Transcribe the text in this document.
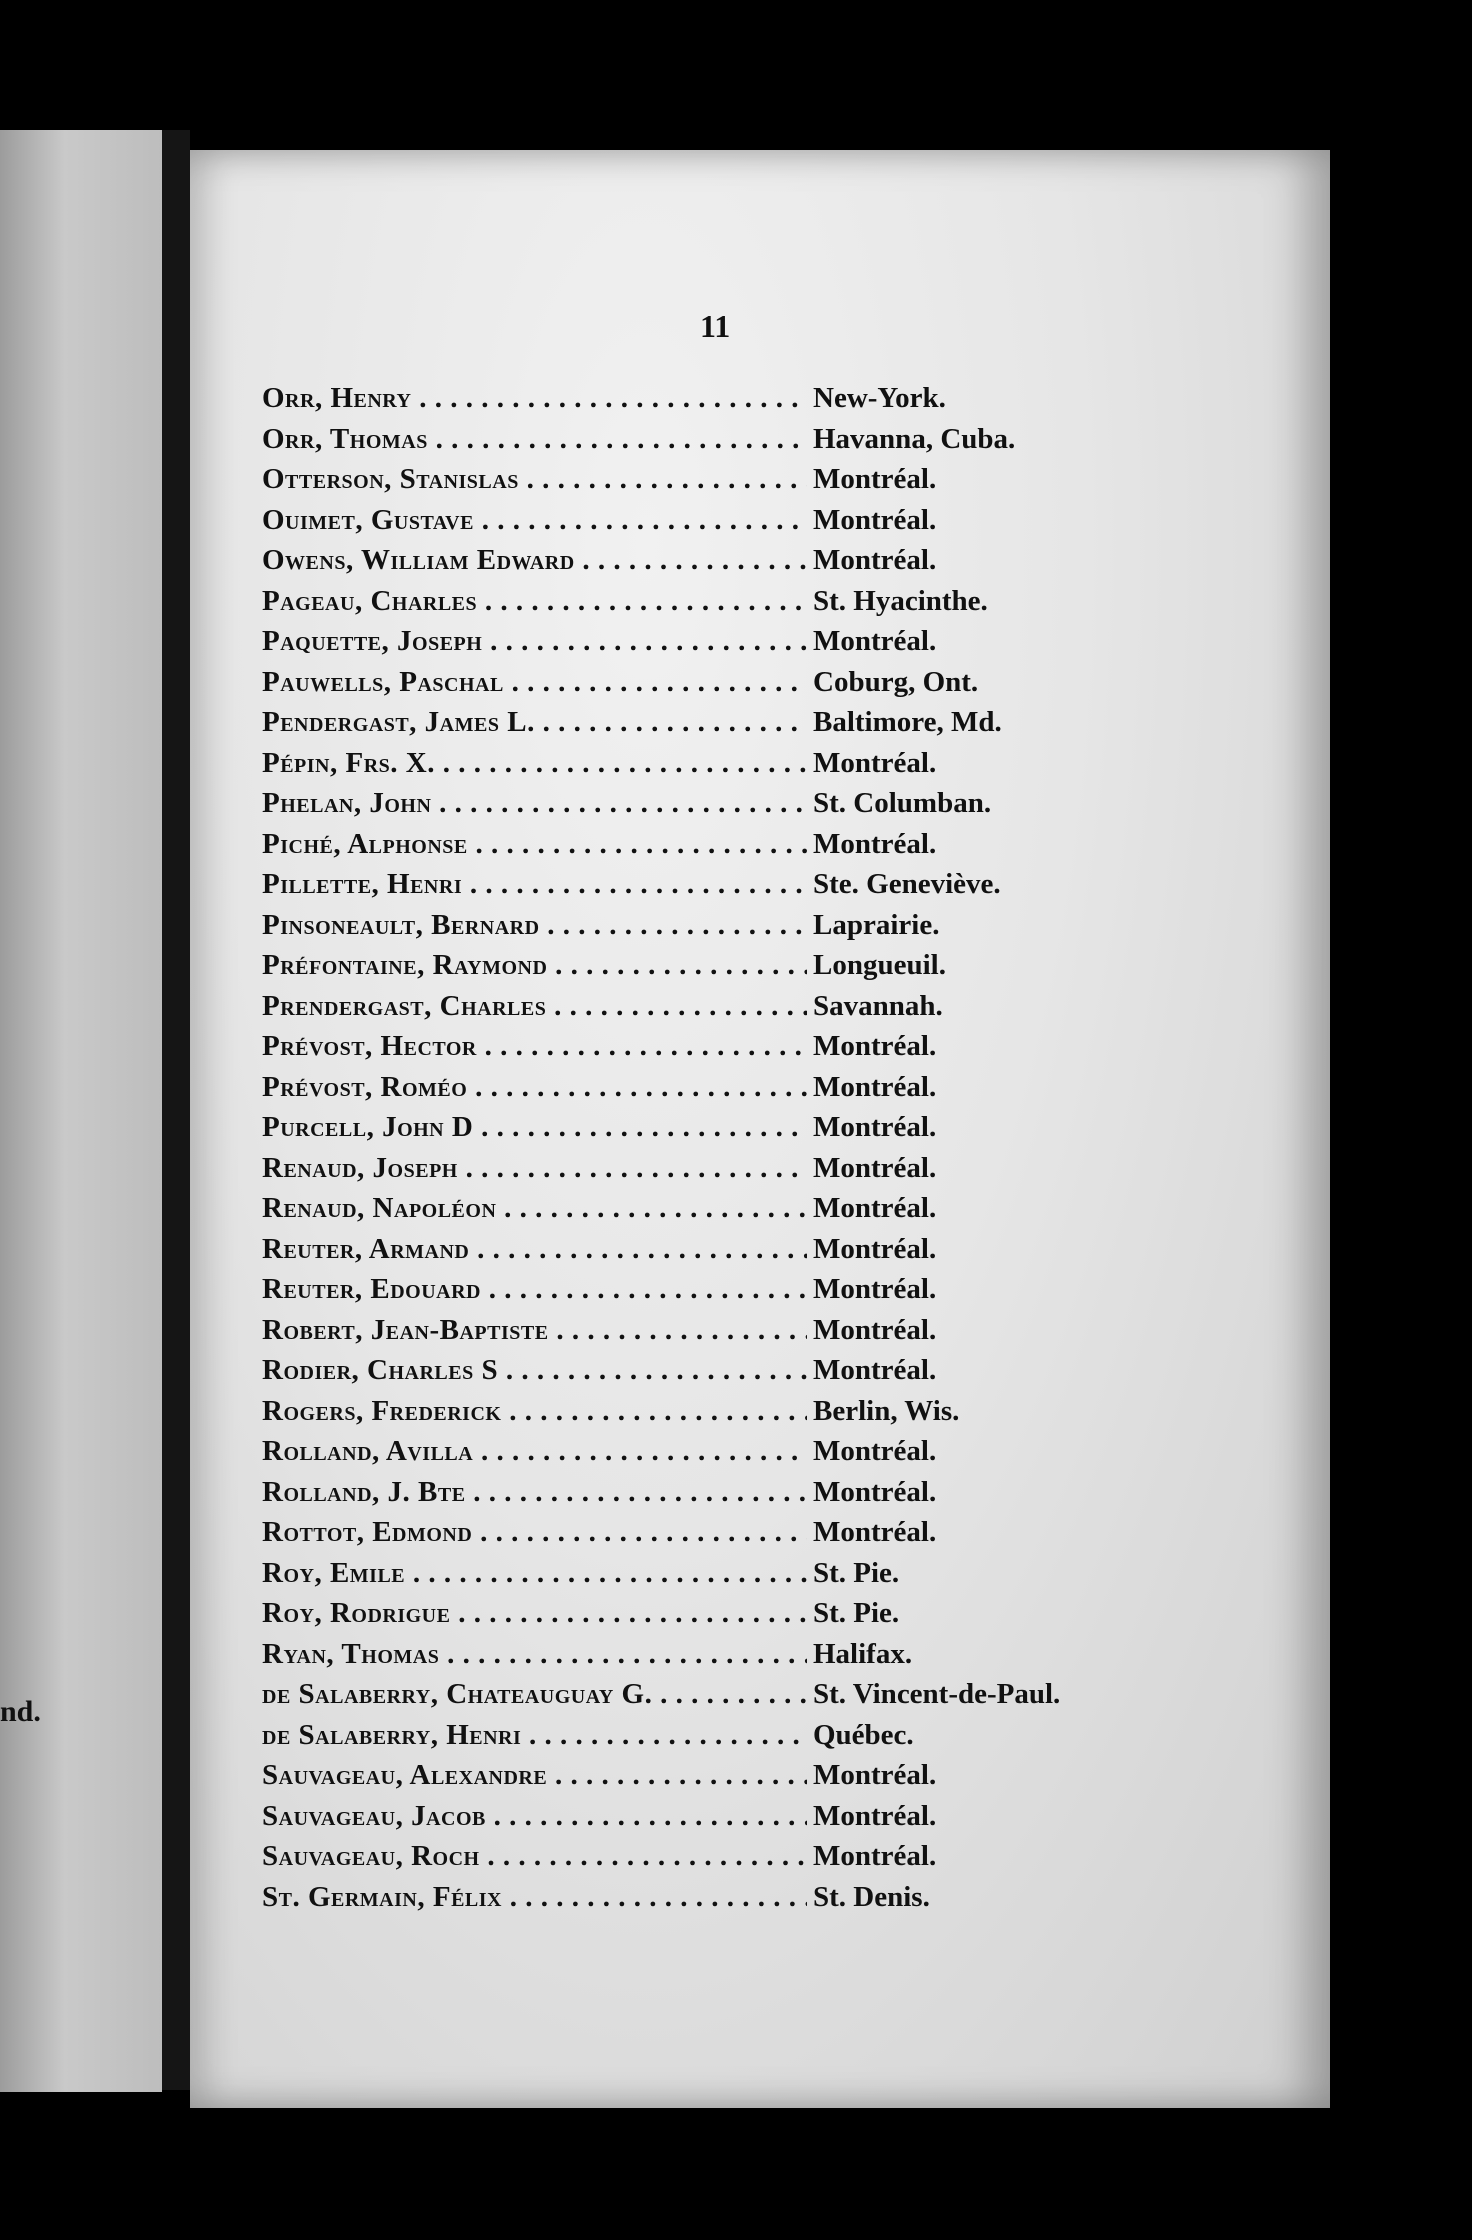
nd.
11
Orr, Henry . . .	New-York.
Orr, Thomas . . .	Havanna, Cuba.
Otterson, Stanislas . . .	Montréal.
Ouimet, Gustave . . .	Montréal.
Owens, William Edward . . .	Montréal.
Pageau, Charles . . .	St. Hyacinthe.
Paquette, Joseph . . .	Montréal.
Pauwells, Paschal . . .	Coburg, Ont.
Pendergast, James L. . . .	Baltimore, Md.
Pépin, Frs. X. . . .	Montréal.
Phelan, John . . .	St. Columban.
Piché, Alphonse . . .	Montréal.
Pillette, Henri . . .	Ste. Geneviève.
Pinsoneault, Bernard . . .	Laprairie.
Préfontaine, Raymond . . .	Longueuil.
Prendergast, Charles . . .	Savannah.
Prévost, Hector . . .	Montréal.
Prévost, Roméo . . .	Montréal.
Purcell, John D . . .	Montréal.
Renaud, Joseph . . .	Montréal.
Renaud, Napoléon . . .	Montréal.
Reuter, Armand . . .	Montréal.
Reuter, Edouard . . .	Montréal.
Robert, Jean-Baptiste . . .	Montréal.
Rodier, Charles S . . .	Montréal.
Rogers, Frederick . . .	Berlin, Wis.
Rolland, Avilla . . .	Montréal.
Rolland, J. Bte . . .	Montréal.
Rottot, Edmond . . .	Montréal.
Roy, Emile . . .	St. Pie.
Roy, Rodrigue . . .	St. Pie.
Ryan, Thomas . . .	Halifax.
de Salaberry, Chateauguay G. . . .	St. Vincent-de-Paul.
de Salaberry, Henri . . .	Québec.
Sauvageau, Alexandre . . .	Montréal.
Sauvageau, Jacob . . .	Montréal.
Sauvageau, Roch . . .	Montréal.
St. Germain, Félix . . .	St. Denis.
